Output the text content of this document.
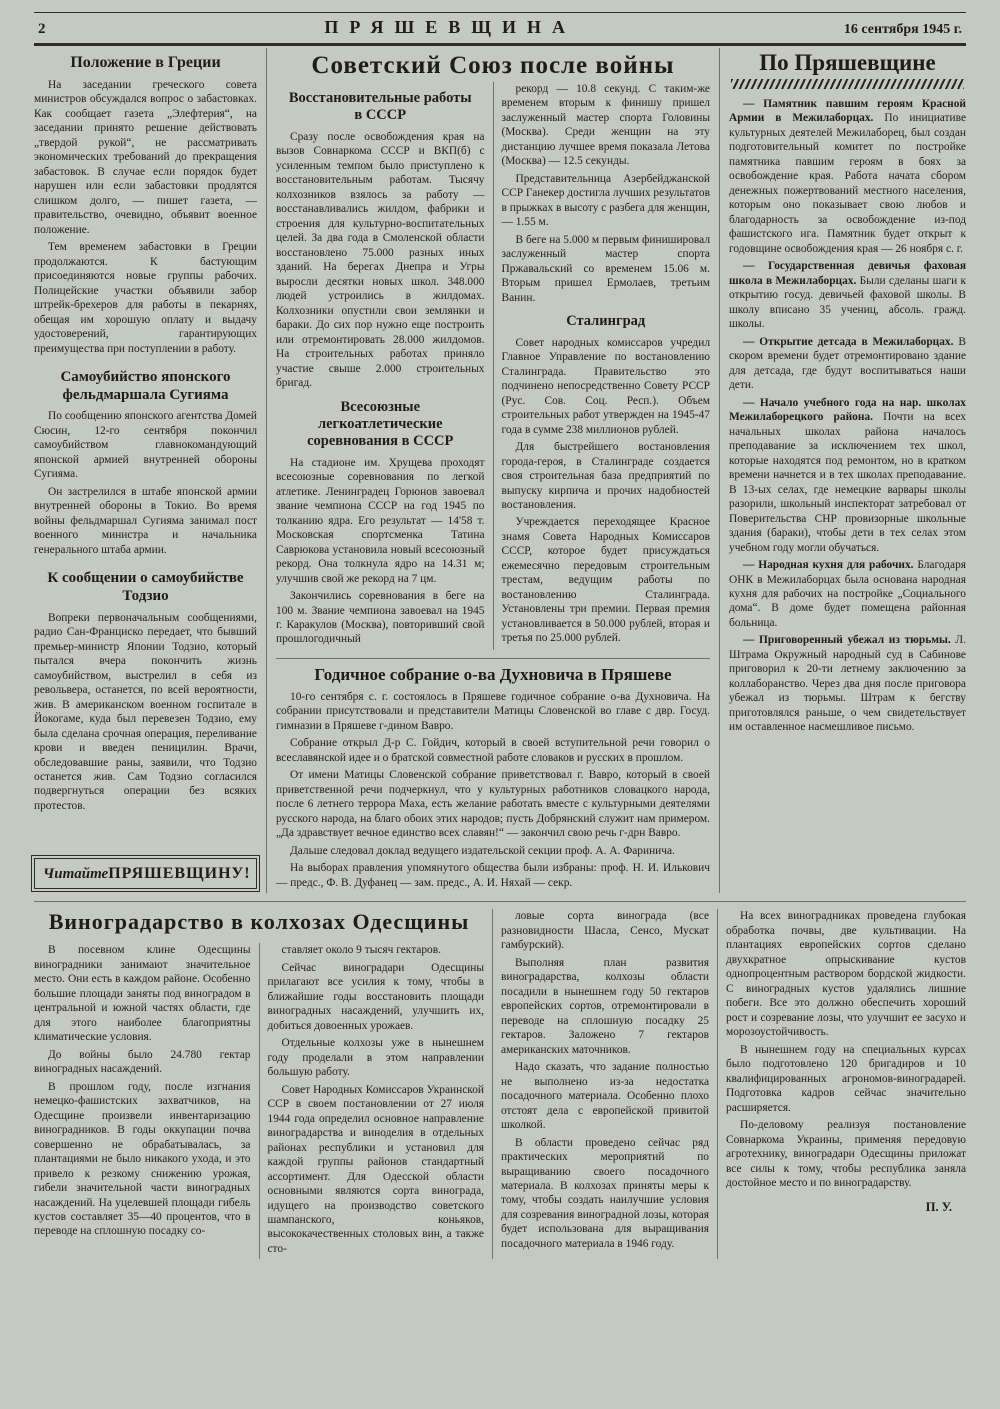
2	ПРЯШЕВЩИНА	16 сентября 1945 г.
Положение в Греции

На заседании греческого совета министров обсуждался вопрос о забастовках. Как сообщает газета „Элефтерия“, на заседании принято решение действовать „твердой рукой“, не рассматривать экономических требований до прекращения забастовок. В случае если порядок будет нарушен или если забастовки продлятся слишком долго, — пишет газета, — правительство, очевидно, объявит военное положение.

Тем временем забастовки в Греции продолжаются. К бастующим присоединяются новые группы рабочих. Полицейские участки объявили забор штрейк-брехеров для работы в пекарнях, обещая им хорошую оплату и выдачу удостоверений, гарантирующих преимущества при поступлении в работу.

Самоубийство японского фельдмаршала Сугияма

По сообщению японского агентства Домей Сюсин, 12-го сентября покончил самоубийством главнокомандующий японской армией внутренней обороны Сугияма.

Он застрелился в штабе японской армии внутренней обороны в Токио. Во время войны фельдмаршал Сугияма занимал пост военного министра и начальника генерального штаба армии.

К сообщении о самоубийстве Тодзио

Вопреки первоначальным сообщениями, радио Сан-Франциско передает, что бывший премьер-министр Японии Тодзио, который пытался вчера покончить жизнь самоубийством, выстрелил в себя из револьвера, останется, по всей вероятности, жив. В американском военном госпитале в Йокогаме, куда был перевезен Тодзио, ему была сделана срочная операция, переливание крови и введен пеницилин. Врачи, обследовавшие раны, заявили, что Тодзио останется жив. Сам Тодзио согласился подвергнуться операции без всяких протестов.

Читайте ПРЯШЕВЩИНУ!
Советский Союз после войны
Восстановительные работы в СССР

Сразу после освобождения края на вызов Совнаркома СССР и ВКП(б) с усиленным темпом было приступлено к восстановительным работам. Тысячу колхозников взялось за работу — восстанавливались жилдом, фабрики и строения для культурно-воспитательных целей. За два года в Смоленской области восстановлено 75.000 разных иных зданий. На берегах Днепра и Угры выросли десятки новых школ. 348.000 людей устроились в жилдомах. Колхозники опустили свои землянки и бараки. До сих пор нужно еще построить или отремонтировать 28.000 жилдомов. На строительных работах приняло участие свыше 2.000 строительных бригад.

Всесоюзные легкоатлетические соревнования в СССР

На стадионе им. Хрущева проходят всесоюзные соревнования по легкой атлетике. Ленинградец Горюнов завоевал звание чемпиона СССР на год 1945 по толканию ядра. Его результат — 14'58 т. Московская спортсменка Татина Саврюкова установила новый всесоюзный рекорд. Она толкнула ядро на 14.31 м; улучшив свой же рекорд на 7 цм.

Закончились соревнования в беге на 100 м. Звание чемпиона завоевал на 1945 г. Каракулов (Москва), повторивший свой прошлогодичный

рекорд — 10.8 секунд. С таким-же временем вторым к финишу пришел заслуженный мастер спорта Головины (Москва). Среди женщин на эту дистанцию лучшее время показала Летова (Москва) — 12.5 секунды.

Представительница Азербейджанской ССР Ганекер достигла лучших результатов в прыжках в высоту с разбега для женщин, — 1.55 м.

В беге на 5.000 м первым финишировал заслуженный мастер спорта Пржавальский со временем 15.06 м. Вторым пришел Ермолаев, третьим Ванин.

Сталинград

Совет народных комиссаров учредил Главное Управление по востановлению Сталинграда. Правительство это подчинено непосредственно Совету РССР (Рус. Сов. Соц. Респ.). Объем строительных работ утвержден на 1945-47 года в сумме 238 миллионов рублей.

Для быстрейшего востановления города-героя, в Сталинграде создается своя строительная база предприятий по выпуску кирпича и прочих надобностей востановления.

Учреждается переходящее Красное знамя Совета Народных Комиссаров СССР, которое будет присуждаться ежемесячно передовым строительным трестам, ведущим работы по востановлению Сталинграда. Установлены три премии. Первая премия установливается в 50.000 рублей, вторая и третья по 25.000 рублей.

Годичное собрание о-ва Духновича в Пряшеве

10-го сентября с. г. состоялось в Пряшеве годичное собрание о-ва Духновича. На собрании присутствовали и представители Матицы Словенской во главе с двр. Госуд. гимназии в Пряшеве г-дином Вавро.

Собрание открыл Д-р С. Гойдич, который в своей вступительной речи говорил о всеславянской идее и о братской совместной работе словаков и русских в прошлом.

От имени Матицы Словенской собрание приветствовал г. Вавро, который в своей приветственной речи подчеркнул, что у культурных работников словацкого народа, после 6 летнего террора Маха, есть желание работать вместе с культурными деятелями русского народа, на благо обоих этих народов; пусть Добрянский служит нам примером. „Да здравствует вечное единство всех славян!“ — закончил свою речь г-дрн Вавро.

Дальше следовал доклад ведущего издательской секции проф. А. А. Фаринича.

На выборах правления упомянутого общества были избраны: проф. Н. И. Илькович — предс., Ф. В. Дуфанец — зам. предс., А. И. Няхай — секр.

По Пряшевщине

— Памятник павшим героям Красной Армии в Межилаборцах. По инициативе культурных деятелей Межилаборец, был создан подготовительный комитет по постройке памятника павшим героям в боях за освобождение края. Работа начата сбором денежных пожертвований местного населения, которым оно показывает свою любов и благодарность за освобождение из-под фашистского ига. Памятник будет открыт к годовщине освобождения края — 26 ноября с. г.

— Государственная девичья фаховая школа в Межилаборцах. Были сделаны шаги к открытию госуд. девичьей фаховой школы. В школу вписано 35 учениц, абсоль. гражд. школы.

— Открытие детсада в Межилаборцах. В скором времени будет отремонтировано здание для детсада, где будут воспитываться наши дети.

— Начало учебного года на нар. школах Межилаборецкого района. Почти на всех начальных школах района началось преподавание за исключением тех школ, которые находятся под ремонтом, но в кратком времени начнется и в тех школах преподавание. В 13-ых селах, где немецкие варвары школы разорили, школьный инспекторат затребовал от Поверительства СНР провизорные школьные здания (бараки), чтобы дети в тех селах этом учебном году могли обучаться.

— Народная кухня для рабочих. Благодаря ОНК в Межилаборцах была основана народная кухня для рабочих на постройке „Социального дома“. В доме будет помещена районная больница.

— Приговоренный убежал из тюрьмы. Л. Штрама Окружный народный суд в Сабинове приговорил к 20-ти летнему заключению за коллаборанство. Через два дня после приговора убежал из тюрьмы. Штрам к бегству приготовлялся раньше, о чем свидетельствует им оставленное насмешливое письмо.

Виноградарство в колхозах Одесщины

В посевном клине Одесщины виноградники занимают значительное место. Они есть в каждом районе. Особенно большие площади заняты под виноградом в центральной и южной частях области, где для этого наиболее благоприятны климатические условия.

До войны было 24.780 гектар виноградных насаждений.

В прошлом году, после изгнания немецко-фашистских захватчиков, на Одесщине произвели инвентаризацию виноградников. В годы оккупации почва совершенно не обрабатывалась, за плантациями не было никакого ухода, и это привело к резкому снижению урожая, гибели значительной части виноградных насаждений. На уцелевшей площади гибель кустов составляет 35—40 процентов, что в переводе на сплошную посадку со-

ставляет около 9 тысяч гектаров.

Сейчас виноградари Одесщины прилагают все усилия к тому, чтобы в ближайшие годы восстановить площади виноградных насаждений, улучшить их, добиться довоенных урожаев.

Отдельные колхозы уже в нынешнем году проделали в этом направлении большую работу.

Совет Народных Комиссаров Украинской ССР в своем постановлении от 27 июля 1944 года определил основное направление виноградарства и виноделия в отдельных районах республики и установил для каждой группы районов стандартный ассортимент. Для Одесской области основными являются сорта винограда, идущего на производство советского шампанского, коньяков, высококачественных столовых вин, а также сто-

ловые сорта винограда (все разновидности Шасла, Сенсо, Мускат гамбурский).

Выполняя план развития виноградарства, колхозы области посадили в нынешнем году 50 гектаров европейских сортов, отремонтировали в переводе на сплошную посадку 25 гектаров. Заложено 7 гектаров американских маточников.

Надо сказать, что задание полностью не выполнено из-за недостатка посадочного материала. Особенно плохо отстоят дела с европейской привитой школкой.

В области проведено сейчас ряд практических мероприятий по выращиванию своего посадочного материала. В колхозах приняты меры к тому, чтобы создать наилучшие условия для созревания виноградной лозы, которая будет использована для выращивания посадочного материала в 1946 году.

На всех виноградниках проведена глубокая обработка почвы, две культивации. На плантациях европейских сортов сделано двухкратное опрыскивание кустов однопроцентным раствором бордской жидкости. С виноградных кустов удалялись лишние побеги. Все это должно обеспечить хороший рост и созревание лозы, что улучшит ее засухо и морозоустойчивость.

В нынешнем году на специальных курсах было подготовлено 120 бригадиров и 10 квалифицированных агрономов-виноградарей. Подготовка кадров сейчас значительно расширяется.

По-деловому реализуя постановление Совнаркома Украины, применяя передовую агротехнику, виноградари Одесщины приложат все силы к тому, чтобы республика заняла достойное место и по виноградарству.

П. У.
